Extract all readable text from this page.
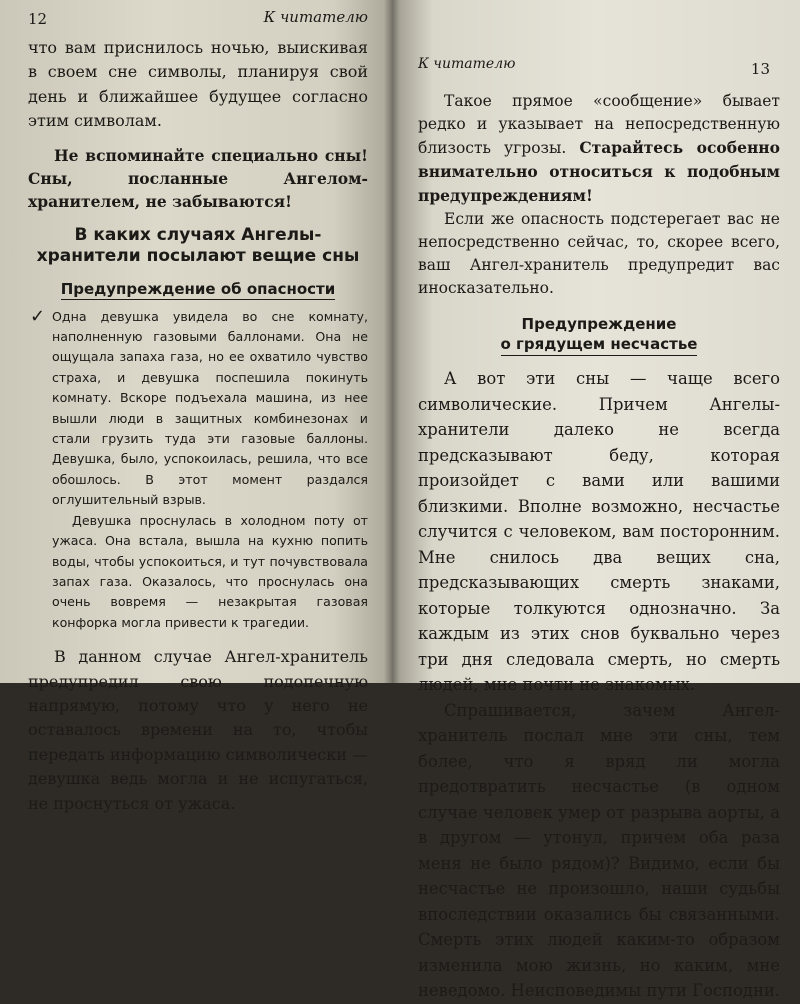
12	К читателю

что вам приснилось ночью, выискивая в своем сне символы, планируя свой день и ближайшее будущее согласно этим символам.

Не вспоминайте специально сны! Сны, посланные Ангелом-хранителем, не забываются!

В каких случаях Ангелы-хранители посылают вещие сны
Предупреждение об опасности
✓ Одна девушка увидела во сне комнату, наполненную газовыми баллонами. Она не ощущала запаха газа, но ее охватило чувство страха, и девушка поспешила покинуть комнату. Вскоре подъехала машина, из нее вышли люди в защитных комбинезонах и стали грузить туда эти газовые баллоны. Девушка, было, успокоилась, решила, что все обошлось. В этот момент раздался оглушительный взрыв.

Девушка проснулась в холодном поту от ужаса. Она встала, вышла на кухню попить воды, чтобы успокоиться, и тут почувствовала запах газа. Оказалось, что проснулась она очень вовремя — незакрытая газовая конфорка могла привести к трагедии.

В данном случае Ангел-хранитель предупредил свою подопечную напрямую, потому что у него не оставалось времени на то, чтобы передать информацию символически — девушка ведь могла и не испугаться, не проснуться от ужаса.

К читателю	13

Такое прямое «сообщение» бывает редко и указывает на непосредственную близость угрозы. Старайтесь особенно внимательно относиться к подобным предупреждениям!

Если же опасность подстерегает вас не непосредственно сейчас, то, скорее всего, ваш Ангел-хранитель предупредит вас иносказательно.

Предупреждение
о грядущем несчастье

А вот эти сны — чаще всего символические. Причем Ангелы-хранители далеко не всегда предсказывают беду, которая произойдет с вами или вашими близкими. Вполне возможно, несчастье случится с человеком, вам посторонним. Мне снилось два вещих сна, предсказывающих смерть знаками, которые толкуются однозначно. За каждым из этих снов буквально через три дня следовала смерть, но смерть людей, мне почти не знакомых.

Спрашивается, зачем Ангел-хранитель послал мне эти сны, тем более, что я вряд ли могла предотвратить несчастье (в одном случае человек умер от разрыва аорты, а в другом — утонул, причем оба раза меня не было рядом)? Видимо, если бы несчастье не произошло, наши судьбы впоследствии оказались бы связанными. Смерть этих людей каким-то образом изменила мою жизнь, но каким, мне неведомо. Неисповедимы пути Господни.
